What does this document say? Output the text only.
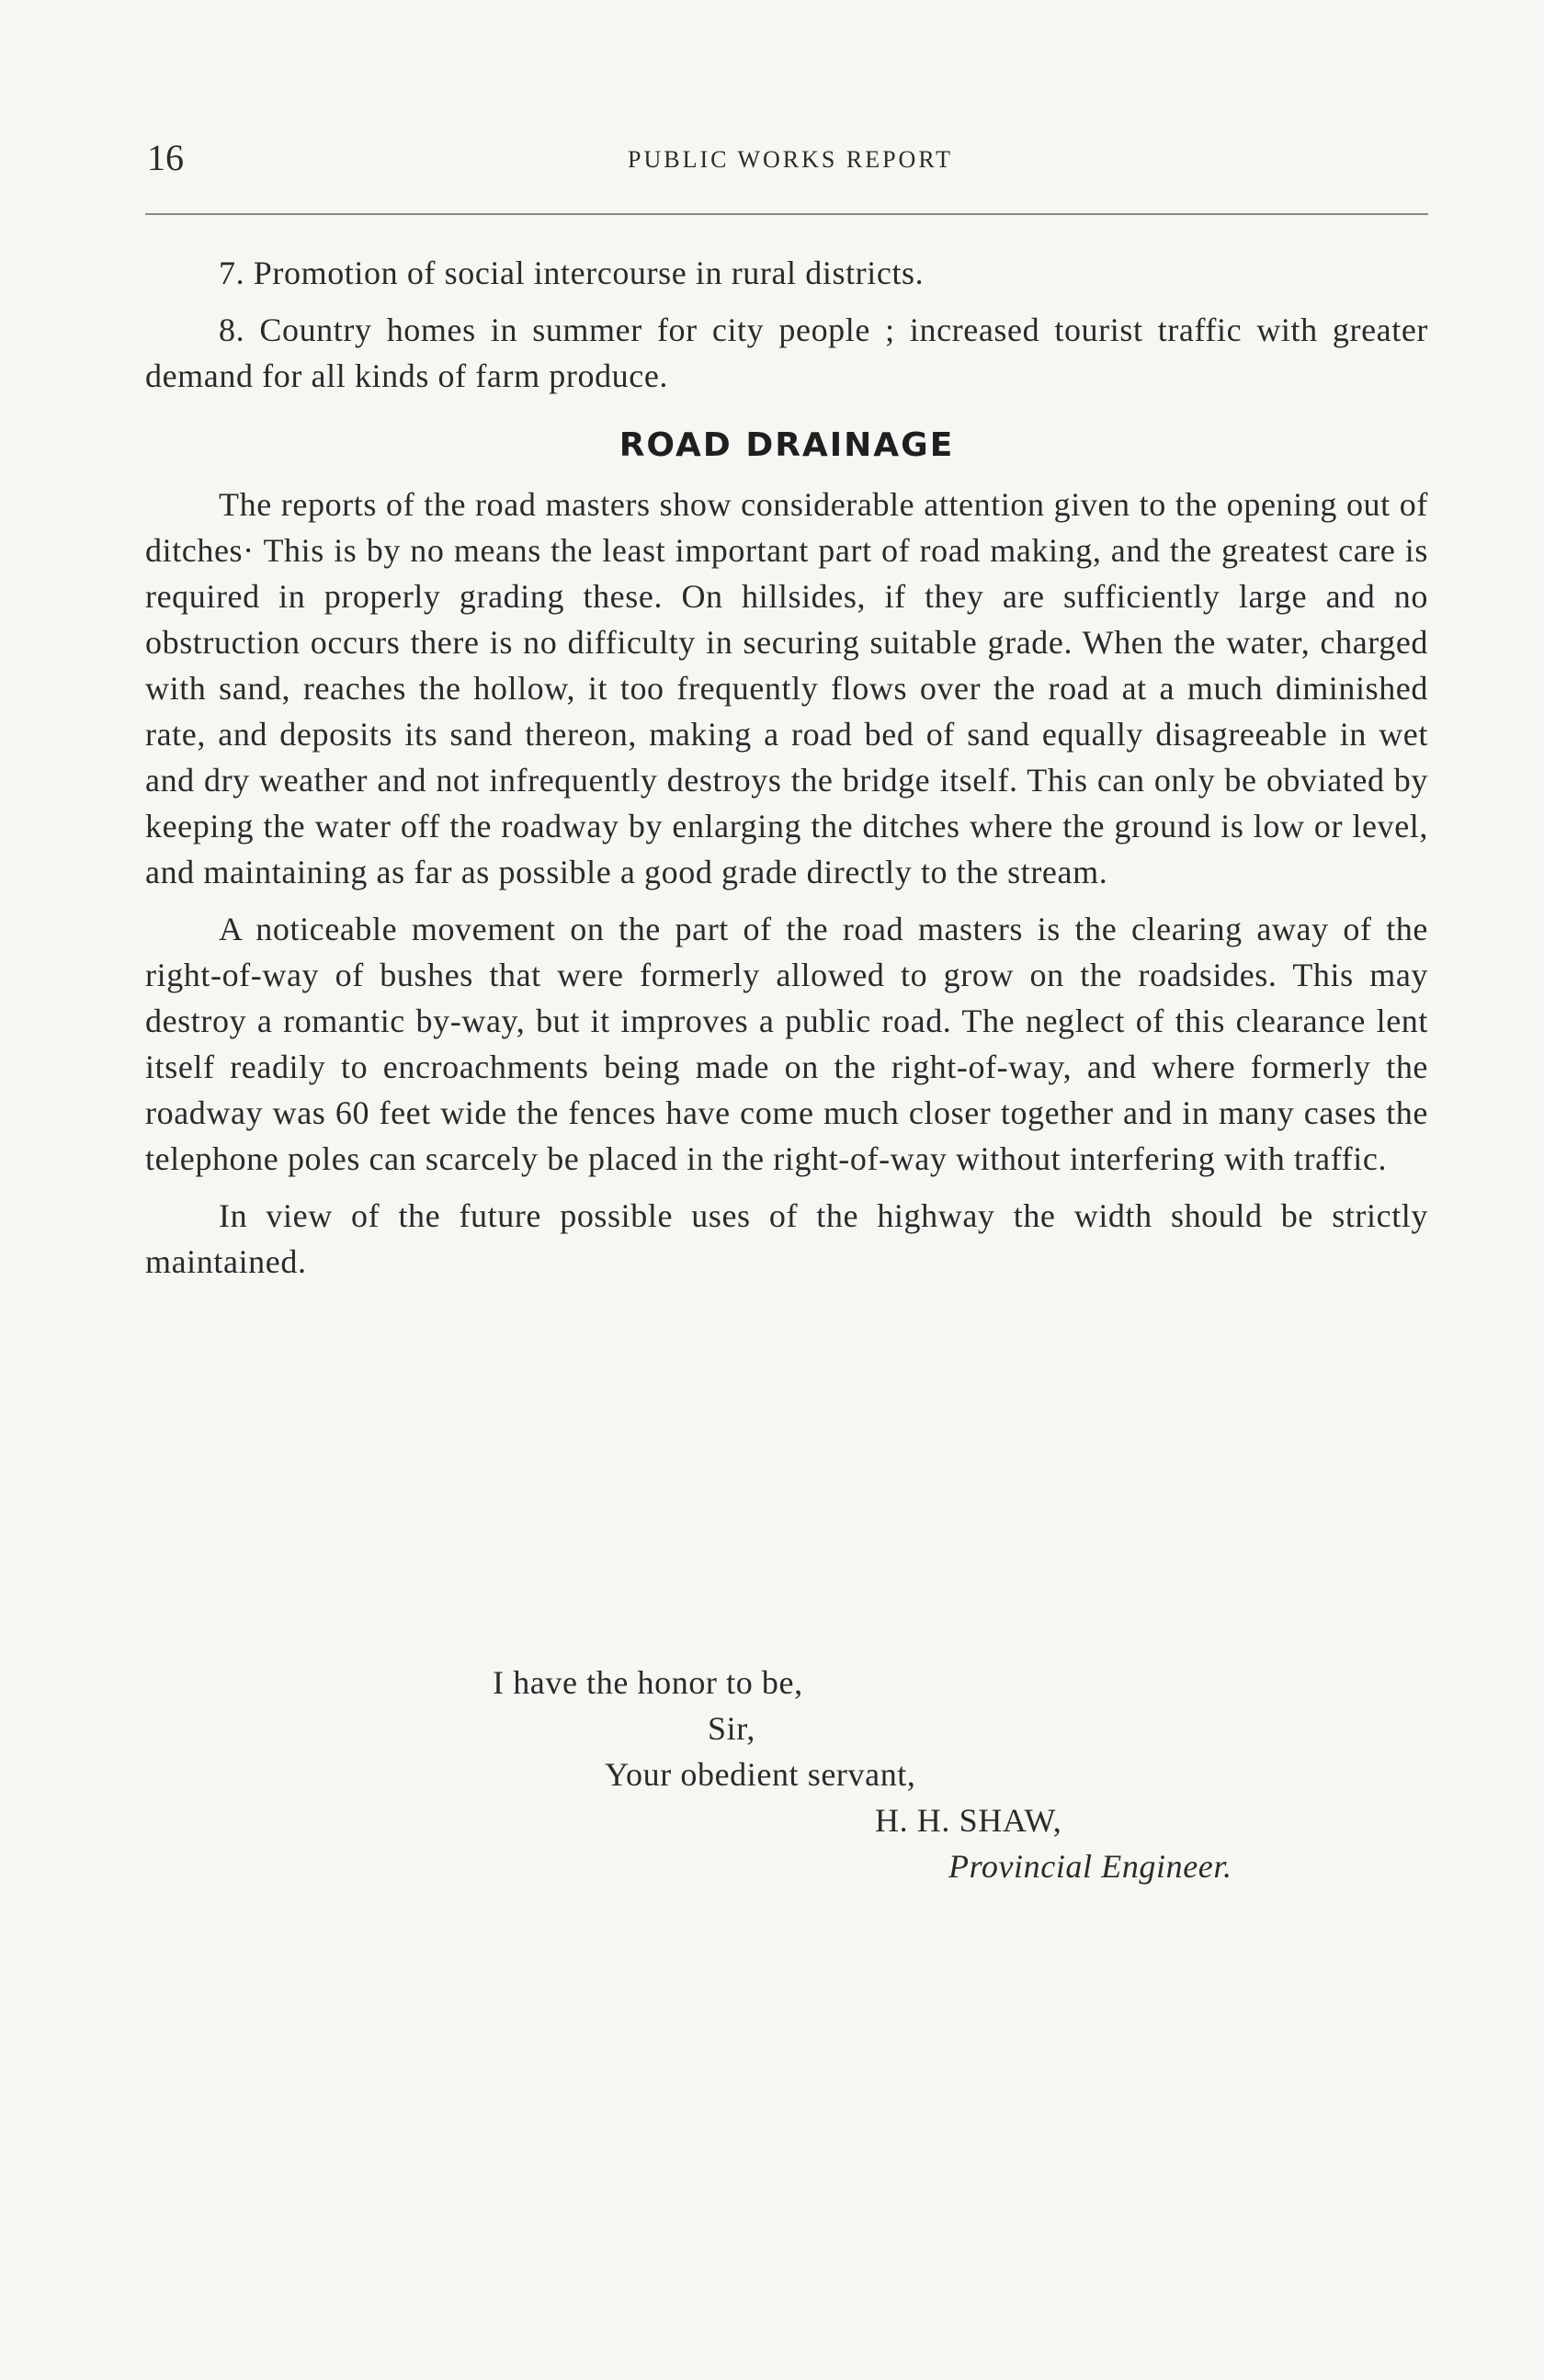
16	PUBLIC WORKS REPORT

7. Promotion of social intercourse in rural districts.

8. Country homes in summer for city people ; increased tourist traffic with greater demand for all kinds of farm produce.

ROAD DRAINAGE

The reports of the road masters show considerable attention given to the opening out of ditches· This is by no means the least important part of road making, and the greatest care is required in properly grading these. On hillsides, if they are sufficiently large and no obstruction occurs there is no difficulty in securing suitable grade. When the water, charged with sand, reaches the hollow, it too frequently flows over the road at a much diminished rate, and deposits its sand thereon, making a road bed of sand equally disagreeable in wet and dry weather and not infrequently destroys the bridge itself. This can only be obviated by keeping the water off the roadway by enlarging the ditches where the ground is low or level, and maintaining as far as possible a good grade directly to the stream.

A noticeable movement on the part of the road masters is the clearing away of the right-of-way of bushes that were formerly allowed to grow on the roadsides. This may destroy a romantic by-way, but it improves a public road. The neglect of this clearance lent itself readily to encroachments being made on the right-of-way, and where formerly the roadway was 60 feet wide the fences have come much closer together and in many cases the telephone poles can scarcely be placed in the right-of-way without interfering with traffic.

In view of the future possible uses of the highway the width should be strictly maintained.

I have the honor to be,
Sir,
Your obedient servant,
H. H. SHAW,
Provincial Engineer.
